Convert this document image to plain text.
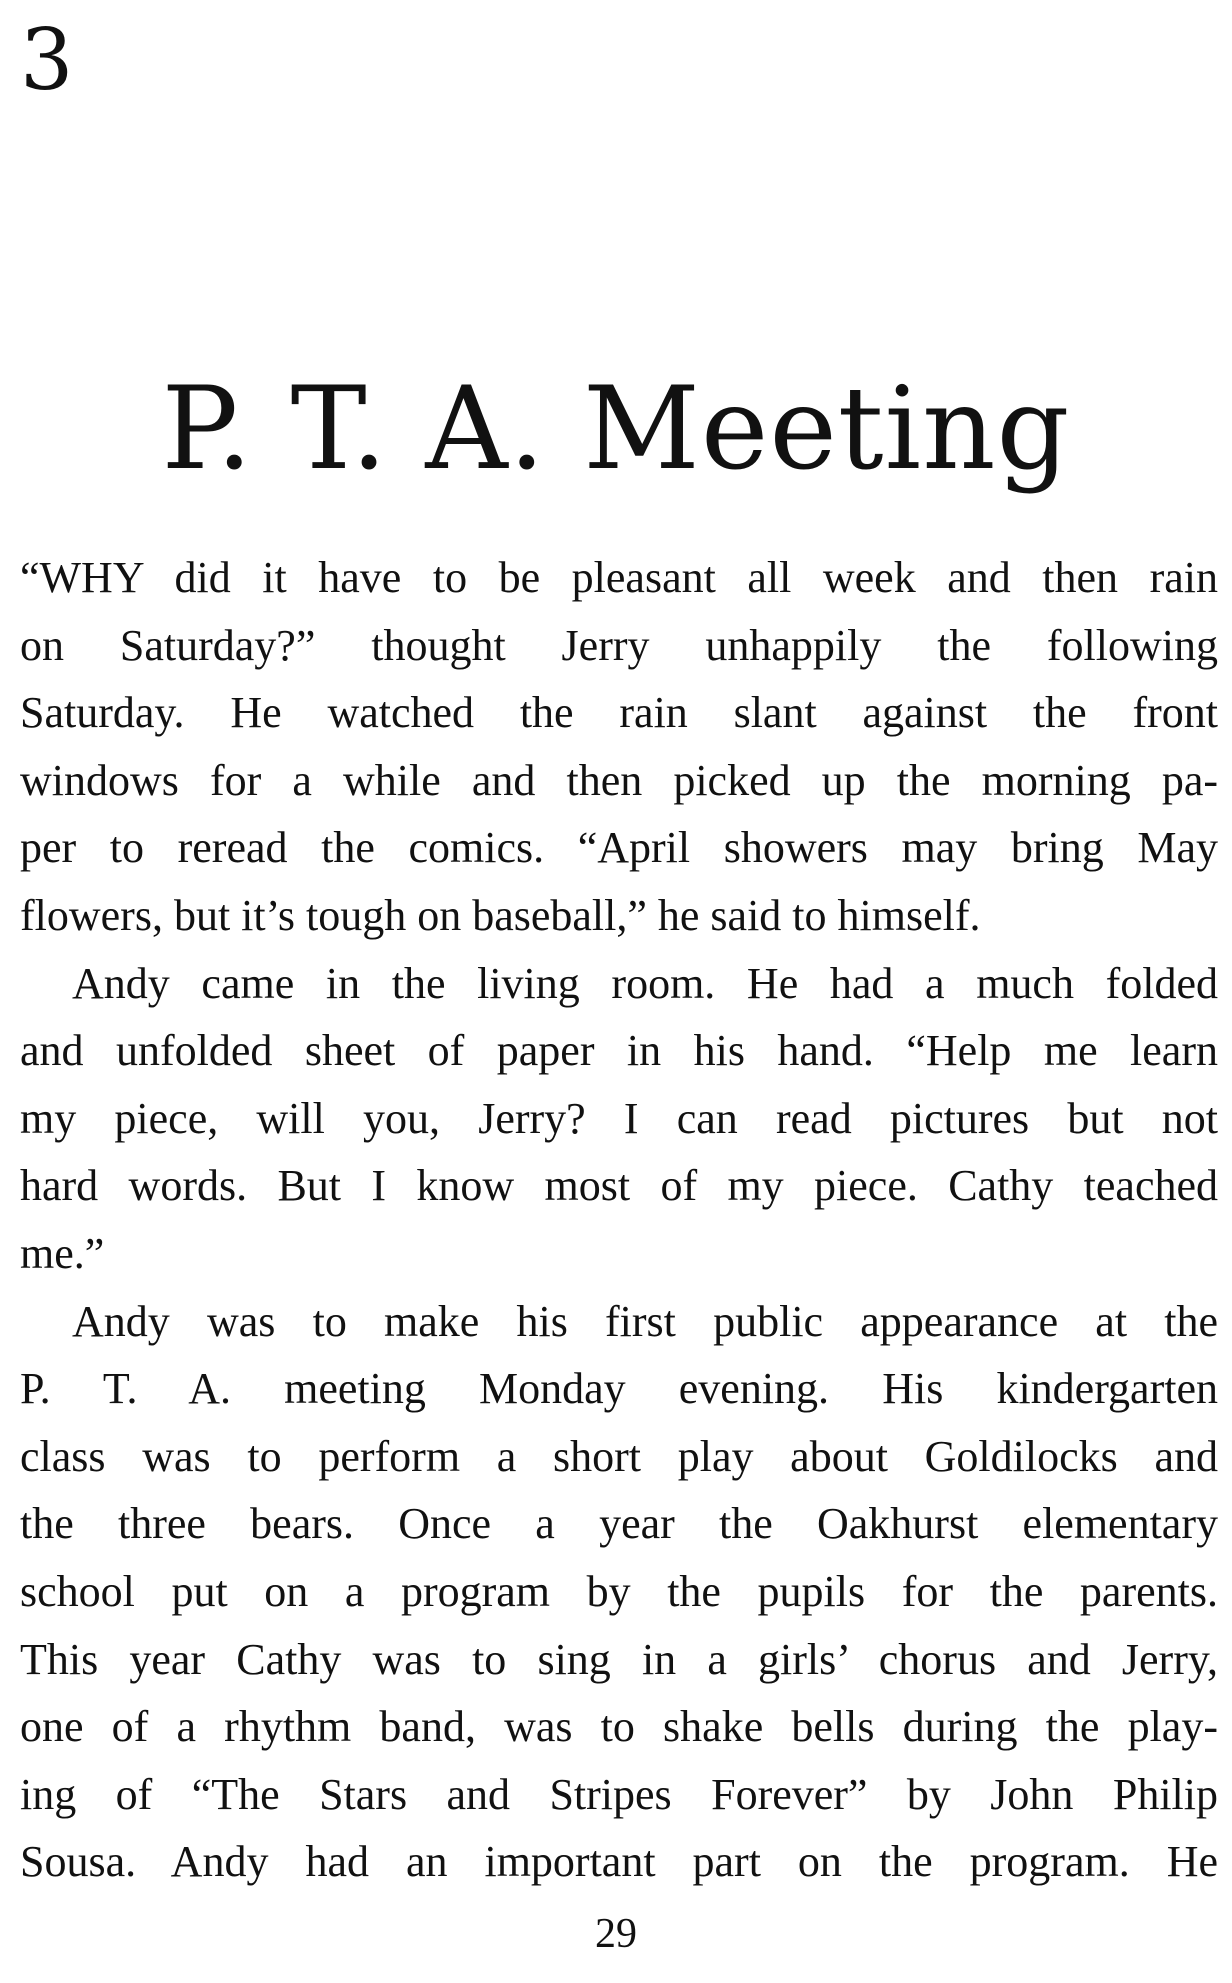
3
P. T. A. Meeting
“WHY did it have to be pleasant all week and then rain
on Saturday?” thought Jerry unhappily the following
Saturday. He watched the rain slant against the front
windows for a while and then picked up the morning pa-
per to reread the comics. “April showers may bring May
flowers, but it’s tough on baseball,” he said to himself.
Andy came in the living room. He had a much folded
and unfolded sheet of paper in his hand. “Help me learn
my piece, will you, Jerry? I can read pictures but not
hard words. But I know most of my piece. Cathy teached
me.”
Andy was to make his first public appearance at the
P. T. A. meeting Monday evening. His kindergarten
class was to perform a short play about Goldilocks and
the three bears. Once a year the Oakhurst elementary
school put on a program by the pupils for the parents.
This year Cathy was to sing in a girls’ chorus and Jerry,
one of a rhythm band, was to shake bells during the play-
ing of “The Stars and Stripes Forever” by John Philip
Sousa. Andy had an important part on the program. He
29
